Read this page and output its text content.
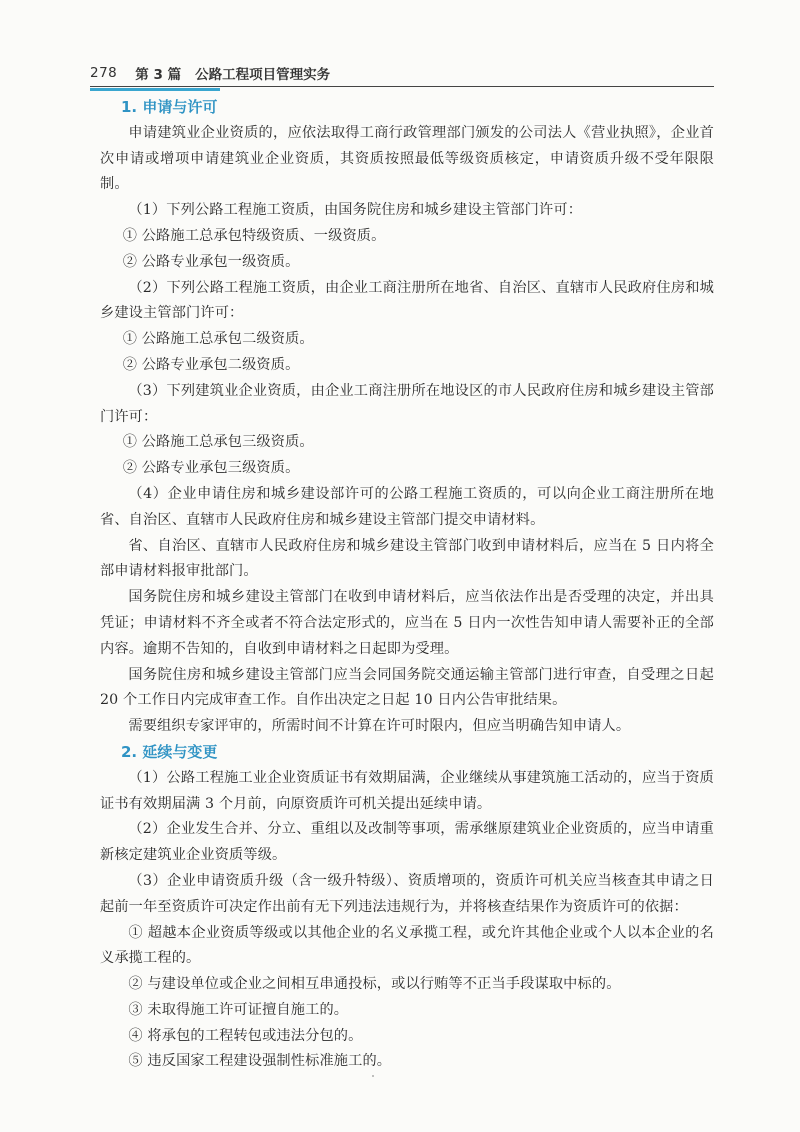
278 第 3 篇 公路工程项目管理实务
1. 申请与许可

申请建筑业企业资质的，应依法取得工商行政管理部门颁发的公司法人《营业执照》，企业首次申请或增项申请建筑业企业资质，其资质按照最低等级资质核定，申请资质升级不受年限限制。

（1）下列公路工程施工资质，由国务院住房和城乡建设主管部门许可：

① 公路施工总承包特级资质、一级资质。

② 公路专业承包一级资质。

（2）下列公路工程施工资质，由企业工商注册所在地省、自治区、直辖市人民政府住房和城乡建设主管部门许可：

① 公路施工总承包二级资质。

② 公路专业承包二级资质。

（3）下列建筑业企业资质，由企业工商注册所在地设区的市人民政府住房和城乡建设主管部门许可：

① 公路施工总承包三级资质。

② 公路专业承包三级资质。

（4）企业申请住房和城乡建设部许可的公路工程施工资质的，可以向企业工商注册所在地省、自治区、直辖市人民政府住房和城乡建设主管部门提交申请材料。

省、自治区、直辖市人民政府住房和城乡建设主管部门收到申请材料后，应当在 5 日内将全部申请材料报审批部门。

国务院住房和城乡建设主管部门在收到申请材料后，应当依法作出是否受理的决定，并出具凭证；申请材料不齐全或者不符合法定形式的，应当在 5 日内一次性告知申请人需要补正的全部内容。逾期不告知的，自收到申请材料之日起即为受理。

国务院住房和城乡建设主管部门应当会同国务院交通运输主管部门进行审查，自受理之日起 20 个工作日内完成审查工作。自作出决定之日起 10 日内公告审批结果。

需要组织专家评审的，所需时间不计算在许可时限内，但应当明确告知申请人。

2. 延续与变更

（1）公路工程施工业企业资质证书有效期届满，企业继续从事建筑施工活动的，应当于资质证书有效期届满 3 个月前，向原资质许可机关提出延续申请。

（2）企业发生合并、分立、重组以及改制等事项，需承继原建筑业企业资质的，应当申请重新核定建筑业企业资质等级。

（3）企业申请资质升级（含一级升特级）、资质增项的，资质许可机关应当核查其申请之日起前一年至资质许可决定作出前有无下列违法违规行为，并将核查结果作为资质许可的依据：

① 超越本企业资质等级或以其他企业的名义承揽工程，或允许其他企业或个人以本企业的名义承揽工程的。

② 与建设单位或企业之间相互串通投标，或以行贿等不正当手段谋取中标的。

③ 未取得施工许可证擅自施工的。

④ 将承包的工程转包或违法分包的。

⑤ 违反国家工程建设强制性标准施工的。
